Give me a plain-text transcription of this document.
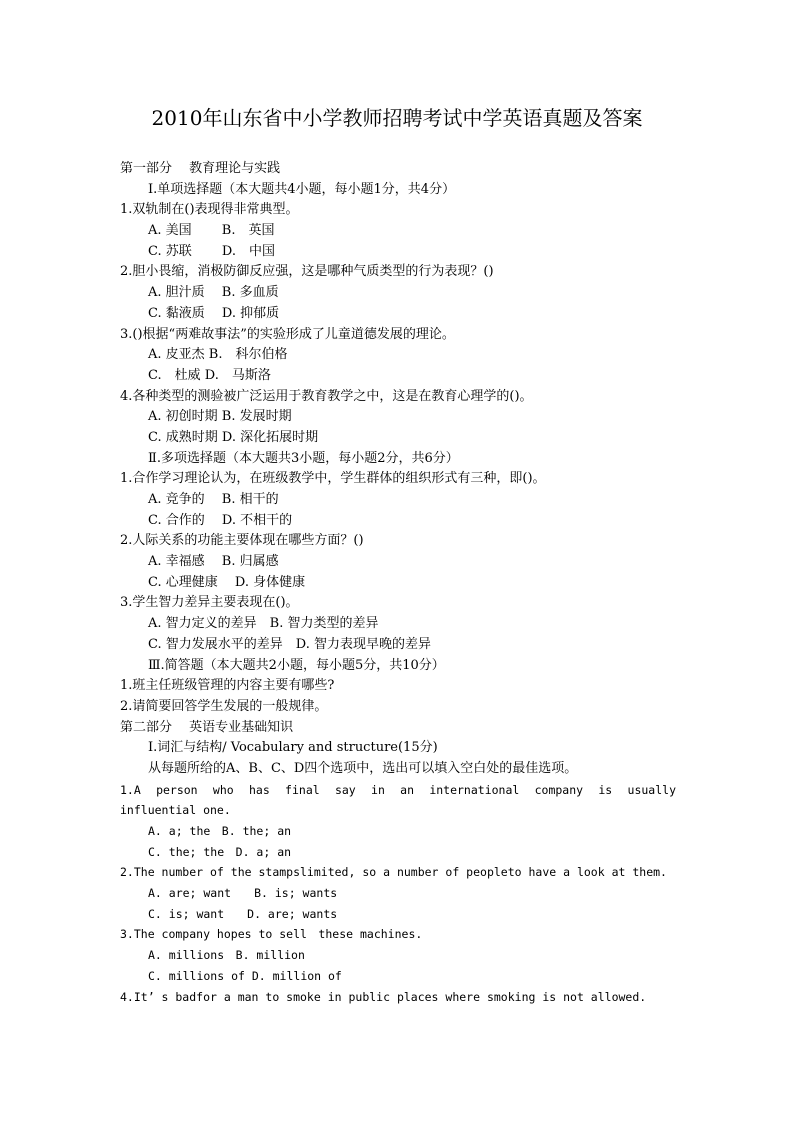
2010年山东省中小学教师招聘考试中学英语真题及答案
第一部分　 教育理论与实践
Ⅰ.单项选择题（本大题共4小题，每小题1分，共4分）
1.双轨制在()表现得非常典型。
A. 美国　　 B.　英国
C. 苏联　　 D.　中国
2.胆小畏缩，消极防御反应强，这是哪种气质类型的行为表现？()
A. 胆汁质　 B. 多血质
C. 黏液质　 D. 抑郁质
3.()根据“两难故事法”的实验形成了儿童道德发展的理论。
A. 皮亚杰 B.　科尔伯格
C.　杜威 D.　马斯洛
4.各种类型的测验被广泛运用于教育教学之中，这是在教育心理学的()。
A. 初创时期 B. 发展时期
C. 成熟时期 D. 深化拓展时期
Ⅱ.多项选择题（本大题共3小题，每小题2分，共6分）
1.合作学习理论认为，在班级教学中，学生群体的组织形式有三种，即()。
A. 竞争的　 B. 相干的
C. 合作的　 D. 不相干的
2.人际关系的功能主要体现在哪些方面？()
A. 幸福感　 B. 归属感
C. 心理健康　 D. 身体健康
3.学生智力差异主要表现在()。
A. 智力定义的差异　B. 智力类型的差异
C. 智力发展水平的差异　D. 智力表现早晚的差异
Ⅲ.简答题（本大题共2小题，每小题5分，共10分）
1.班主任班级管理的内容主要有哪些?
2.请简要回答学生发展的一般规律。
第二部分　 英语专业基础知识
Ⅰ.词汇与结构/ Vocabulary and structure(15分)
从每题所给的A、B、C、D四个选项中，选出可以填入空白处的最佳选项。
1.A person who has final say in an international company is usually
influential one.
A. a; the　B. the; an
C. the; the　D. a; an
2.The number of the stampslimited, so a number of peopleto have a look at them.
A. are; want　　B. is; wants
C. is; want　　D. are; wants
3.The company hopes to sell　these machines.
A. millions　B. million
C. millions of D. million of
4.It’ s badfor a man to smoke in public places where smoking is not allowed.
